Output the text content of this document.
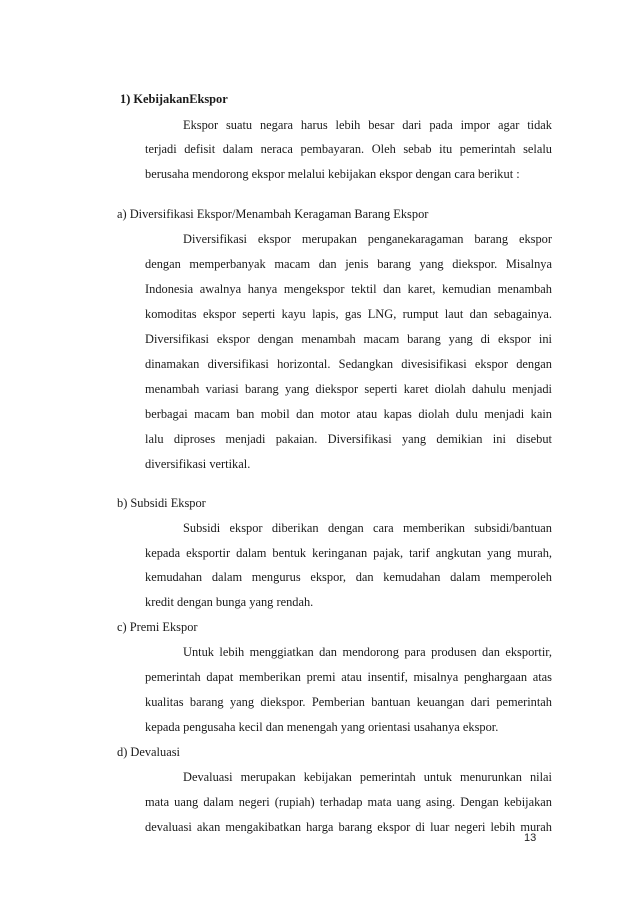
1) KebijakanEkspor
Ekspor suatu negara harus lebih besar dari pada impor agar tidak
terjadi defisit dalam neraca pembayaran. Oleh sebab itu pemerintah selalu
berusaha mendorong ekspor melalui kebijakan ekspor dengan cara berikut :
a) Diversifikasi Ekspor/Menambah Keragaman Barang Ekspor
Diversifikasi ekspor merupakan penganekaragaman barang ekspor
dengan memperbanyak macam dan jenis barang yang diekspor. Misalnya
Indonesia awalnya hanya mengekspor tektil dan karet, kemudian menambah
komoditas ekspor seperti kayu lapis, gas LNG, rumput laut dan sebagainya.
Diversifikasi ekspor dengan menambah macam barang yang di ekspor ini
dinamakan diversifikasi horizontal. Sedangkan divesisifikasi ekspor dengan
menambah variasi barang yang diekspor seperti karet diolah dahulu menjadi
berbagai macam ban mobil dan motor atau kapas diolah dulu menjadi kain
lalu diproses menjadi pakaian. Diversifikasi yang demikian ini disebut
diversifikasi vertikal.
b) Subsidi Ekspor
Subsidi ekspor diberikan dengan cara memberikan subsidi/bantuan
kepada eksportir dalam bentuk keringanan pajak, tarif angkutan yang murah,
kemudahan dalam mengurus ekspor, dan kemudahan dalam memperoleh
kredit dengan bunga yang rendah.
c) Premi Ekspor
Untuk lebih menggiatkan dan mendorong para produsen dan eksportir,
pemerintah dapat memberikan premi atau insentif, misalnya penghargaan atas
kualitas barang yang diekspor. Pemberian bantuan keuangan dari pemerintah
kepada pengusaha kecil dan menengah yang orientasi usahanya ekspor.
d) Devaluasi
Devaluasi merupakan kebijakan pemerintah untuk menurunkan nilai
mata uang dalam negeri (rupiah) terhadap mata uang asing. Dengan kebijakan
devaluasi akan mengakibatkan harga barang ekspor di luar negeri lebih murah
13
